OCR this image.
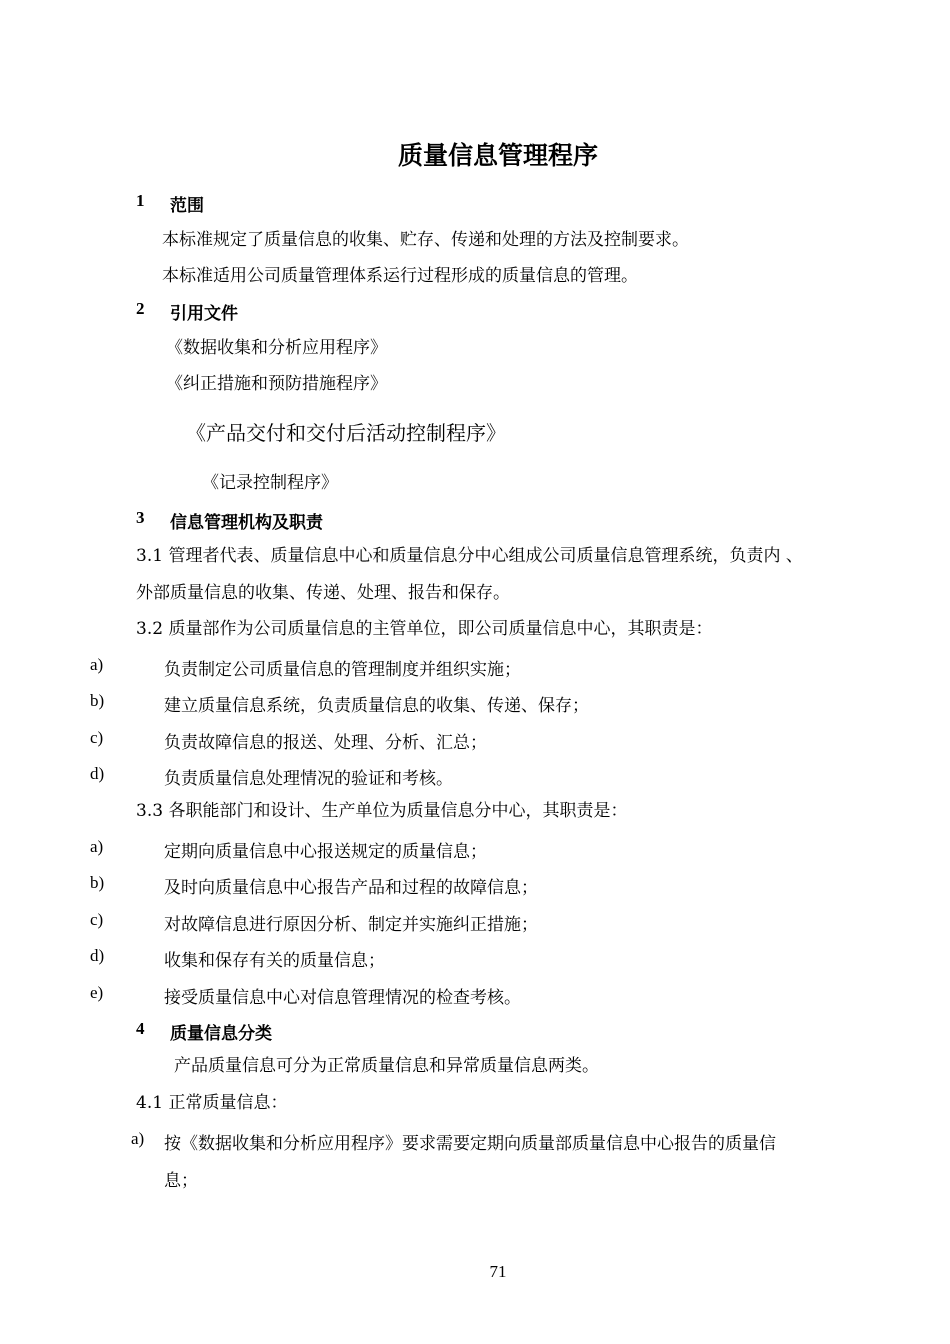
质量信息管理程序
1 范围
本标准规定了质量信息的收集、贮存、传递和处理的方法及控制要求。
本标准适用公司质量管理体系运行过程形成的质量信息的管理。
2 引用文件
《数据收集和分析应用程序》
《纠正措施和预防措施程序》
《产品交付和交付后活动控制程序》
《记录控制程序》
3 信息管理机构及职责
3.1 管理者代表、质量信息中心和质量信息分中心组成公司质量信息管理系统，负责内 、
外部质量信息的收集、传递、处理、报告和保存。
3.2 质量部作为公司质量信息的主管单位，即公司质量信息中心，其职责是：
a)	负责制定公司质量信息的管理制度并组织实施；
b)	建立质量信息系统，负责质量信息的收集、传递、保存；
c)	负责故障信息的报送、处理、分析、汇总；
d)	负责质量信息处理情况的验证和考核。
3.3 各职能部门和设计、生产单位为质量信息分中心，其职责是：
a)	定期向质量信息中心报送规定的质量信息；
b)	及时向质量信息中心报告产品和过程的故障信息；
c)	对故障信息进行原因分析、制定并实施纠正措施；
d)	收集和保存有关的质量信息；
e)	接受质量信息中心对信息管理情况的检查考核。
4 质量信息分类
产品质量信息可分为正常质量信息和异常质量信息两类。
4.1 正常质量信息：
a) 按《数据收集和分析应用程序》要求需要定期向质量部质量信息中心报告的质量信
息；
71
